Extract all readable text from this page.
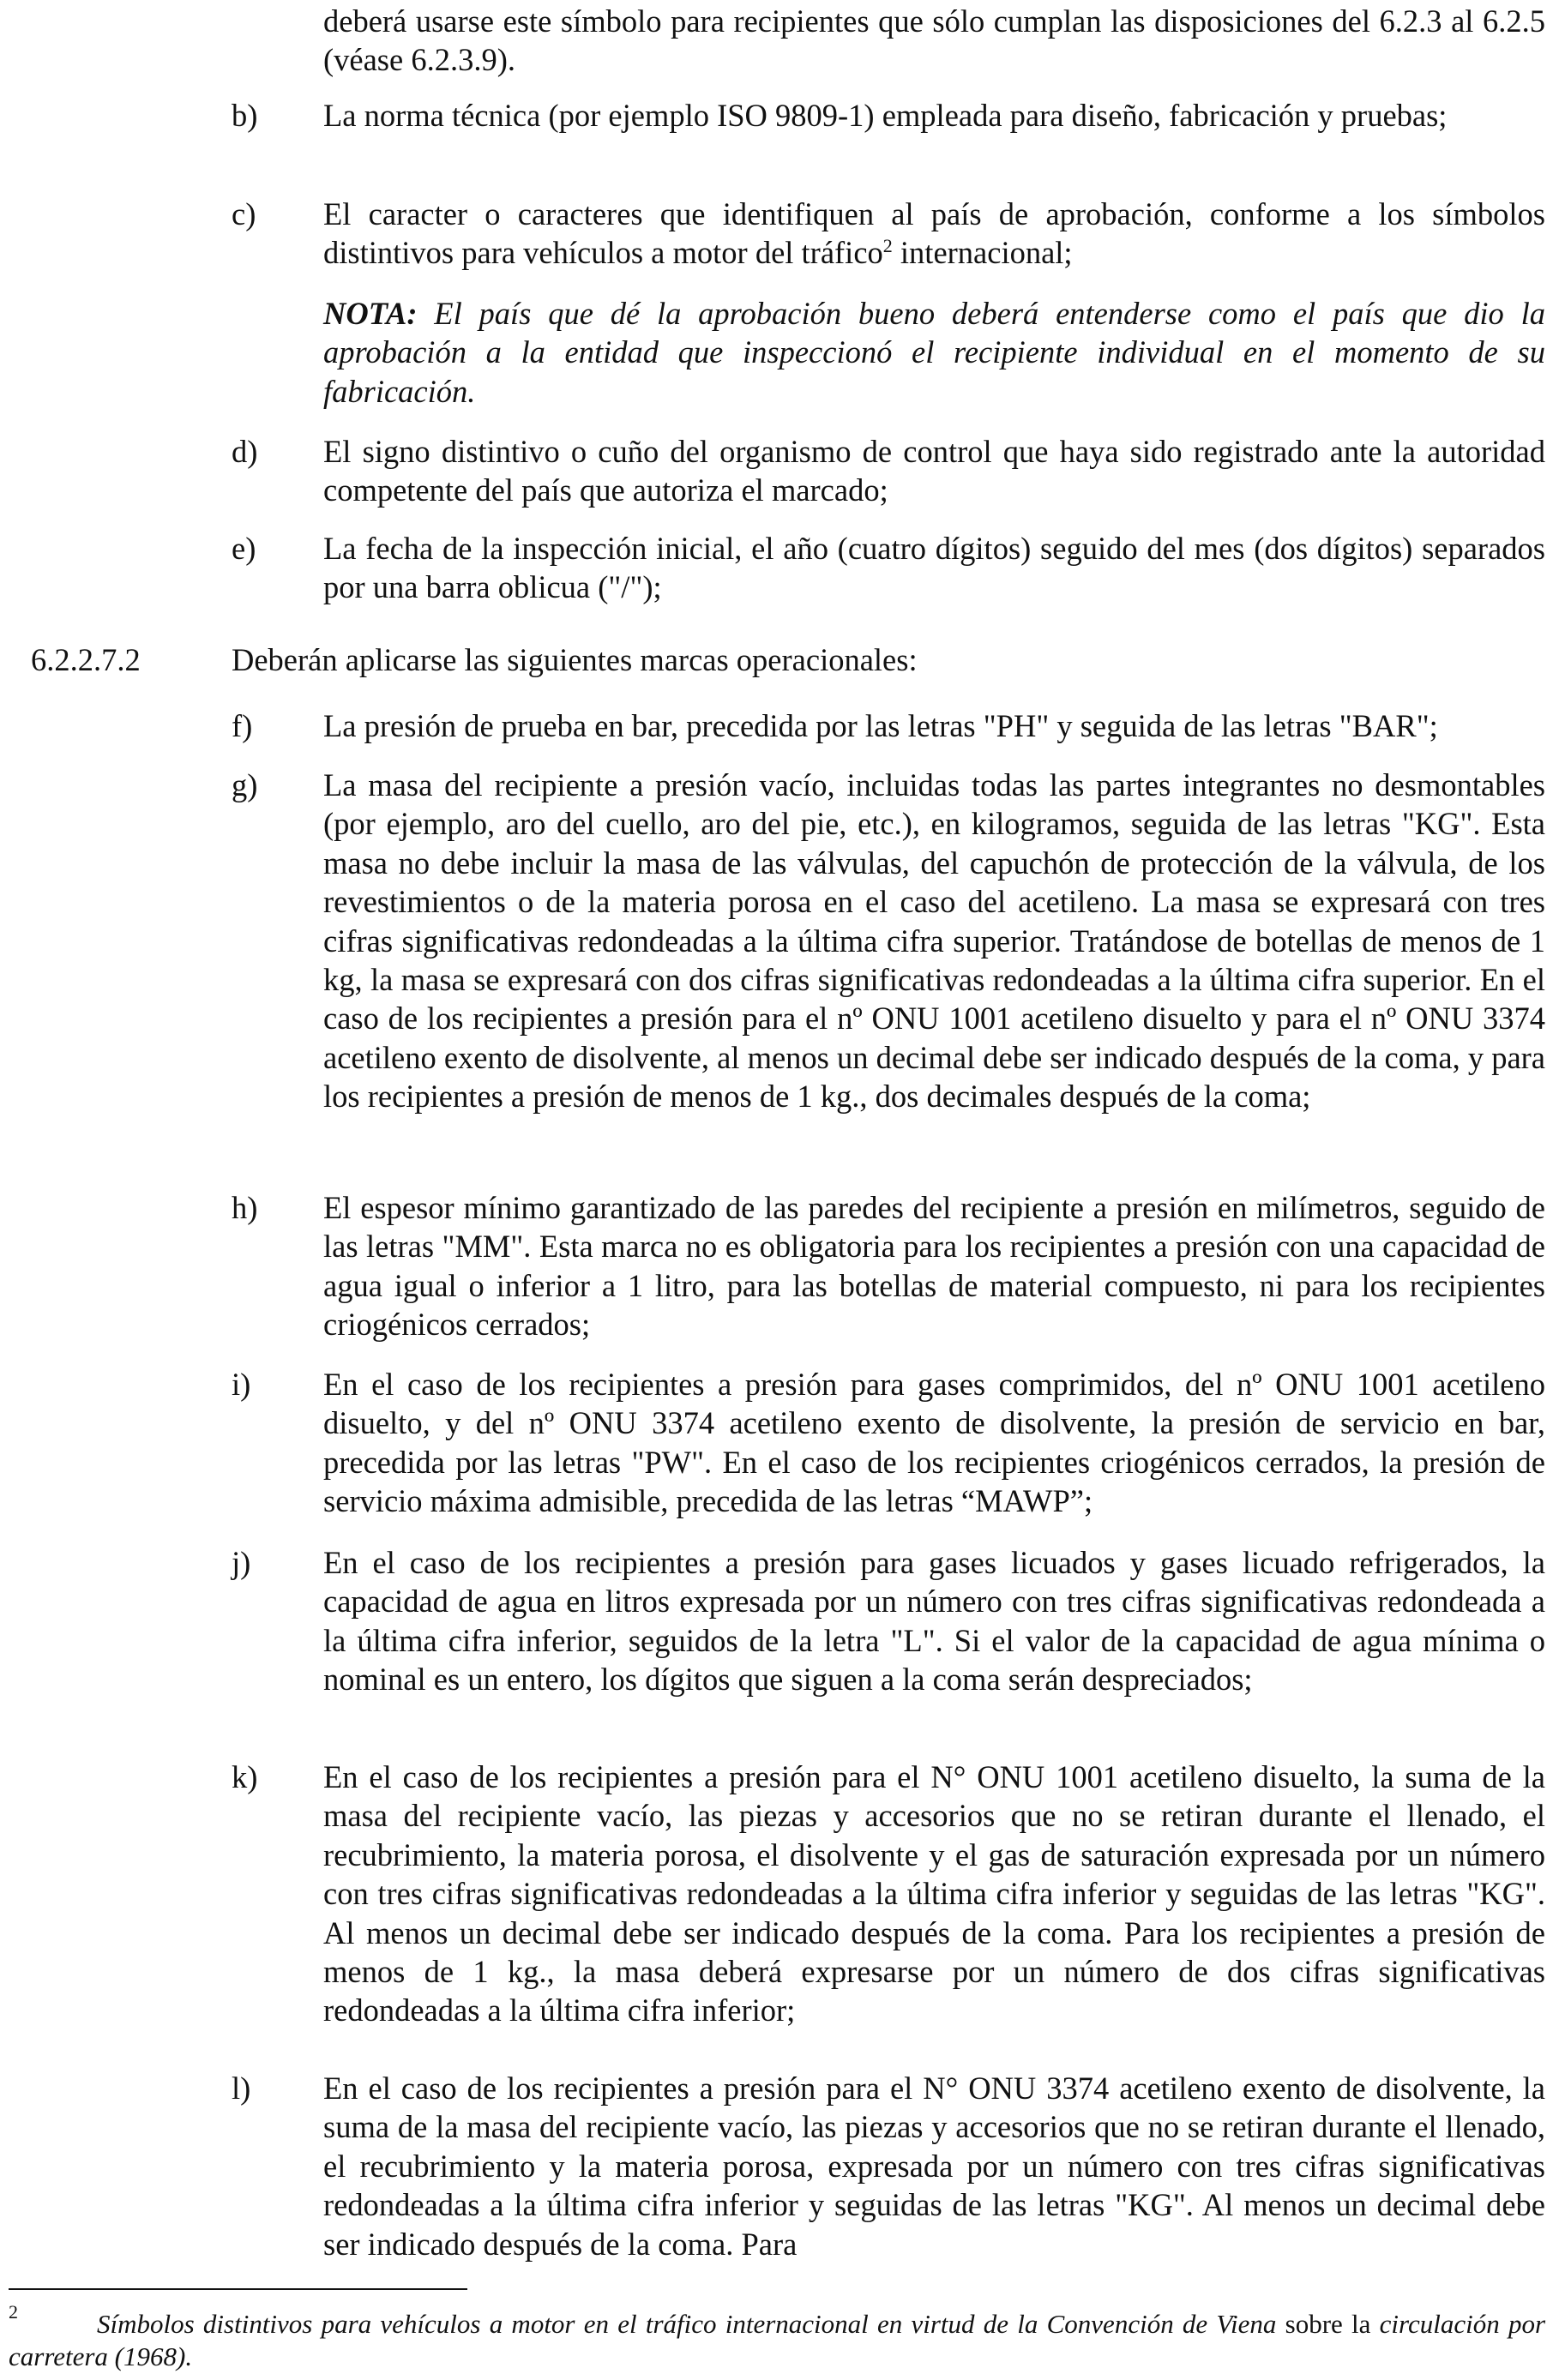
deberá usarse este símbolo para recipientes que sólo cumplan las disposiciones del 6.2.3 al 6.2.5 (véase 6.2.3.9).
b) La norma técnica (por ejemplo ISO 9809-1) empleada para diseño, fabricación y pruebas;
c) El caracter o caracteres que identifiquen al país de aprobación, conforme a los símbolos distintivos para vehículos a motor del tráfico$^2$ internacional;
NOTA: El país que dé la aprobación bueno deberá entenderse como el país que dio la aprobación a la entidad que inspeccionó el recipiente individual en el momento de su fabricación.
d) El signo distintivo o cuño del organismo de control que haya sido registrado ante la autoridad competente del país que autoriza el marcado;
e) La fecha de la inspección inicial, el año (cuatro dígitos) seguido del mes (dos dígitos) separados por una barra oblicua ("/");
6.2.2.7.2	Deberán aplicarse las siguientes marcas operacionales:
f) La presión de prueba en bar, precedida por las letras "PH" y seguida de las letras "BAR";
g) La masa del recipiente a presión vacío, incluidas todas las partes integrantes no desmontables (por ejemplo, aro del cuello, aro del pie, etc.), en kilogramos, seguida de las letras "KG". Esta masa no debe incluir la masa de las válvulas, del capuchón de protección de la válvula, de los revestimientos o de la materia porosa en el caso del acetileno. La masa se expresará con tres cifras significativas redondeadas a la última cifra superior. Tratándose de botellas de menos de 1 kg, la masa se expresará con dos cifras significativas redondeadas a la última cifra superior. En el caso de los recipientes a presión para el nº ONU 1001 acetileno disuelto y para el nº ONU 3374 acetileno exento de disolvente, al menos un decimal debe ser indicado después de la coma, y para los recipientes a presión de menos de 1 kg., dos decimales después de la coma;
h) El espesor mínimo garantizado de las paredes del recipiente a presión en milímetros, seguido de las letras "MM". Esta marca no es obligatoria para los recipientes a presión con una capacidad de agua igual o inferior a 1 litro, para las botellas de material compuesto, ni para los recipientes criogénicos cerrados;
i) En el caso de los recipientes a presión para gases comprimidos, del nº ONU 1001 acetileno disuelto, y del nº ONU 3374 acetileno exento de disolvente, la presión de servicio en bar, precedida por las letras "PW". En el caso de los recipientes criogénicos cerrados, la presión de servicio máxima admisible, precedida de las letras “MAWP”;
j) En el caso de los recipientes a presión para gases licuados y gases licuado refrigerados, la capacidad de agua en litros expresada por un número con tres cifras significativas redondeada a la última cifra inferior, seguidos de la letra "L". Si el valor de la capacidad de agua mínima o nominal es un entero, los dígitos que siguen a la coma serán despreciados;
k) En el caso de los recipientes a presión para el N° ONU 1001 acetileno disuelto, la suma de la masa del recipiente vacío, las piezas y accesorios que no se retiran durante el llenado, el recubrimiento, la materia porosa, el disolvente y el gas de saturación expresada por un número con tres cifras significativas redondeadas a la última cifra inferior y seguidas de las letras "KG". Al menos un decimal debe ser indicado después de la coma. Para los recipientes a presión de menos de 1 kg., la masa deberá expresarse por un número de dos cifras significativas redondeadas a la última cifra inferior;
l) En el caso de los recipientes a presión para el N° ONU 3374 acetileno exento de disolvente, la suma de la masa del recipiente vacío, las piezas y accesorios que no se retiran durante el llenado, el recubrimiento y la materia porosa, expresada por un número con tres cifras significativas redondeadas a la última cifra inferior y seguidas de las letras "KG". Al menos un decimal debe ser indicado después de la coma. Para
2	Símbolos distintivos para vehículos a motor en el tráfico internacional en virtud de la Convención de Viena sobre la circulación por carretera (1968).
